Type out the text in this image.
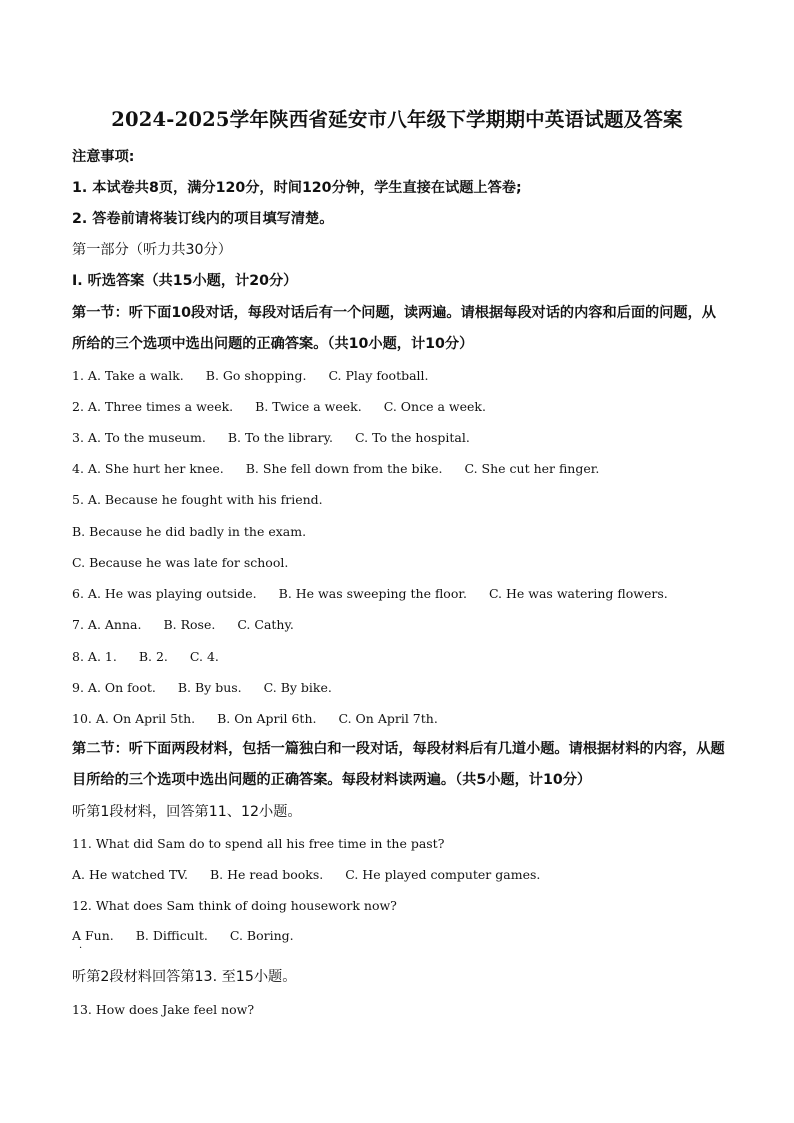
2024-2025学年陕西省延安市八年级下学期期中英语试题及答案
注意事项:
1. 本试卷共8页，满分120分，时间120分钟，学生直接在试题上答卷;
2. 答卷前请将装订线内的项目填写清楚。
第一部分（听力共30分）
I. 听选答案（共15小题，计20分）
第一节：听下面10段对话，每段对话后有一个问题，读两遍。请根据每段对话的内容和后面的问题，从
所给的三个选项中选出问题的正确答案。（共10小题，计10分）
1. A. Take a walk. B. Go shopping. C. Play football.
2. A. Three times a week. B. Twice a week. C. Once a week.
3. A. To the museum. B. To the library. C. To the hospital.
4. A. She hurt her knee. B. She fell down from the bike. C. She cut her finger.
5. A. Because he fought with his friend.
B. Because he did badly in the exam.
C. Because he was late for school.
6. A. He was playing outside. B. He was sweeping the floor. C. He was watering flowers.
7. A. Anna. B. Rose. C. Cathy.
8. A. 1. B. 2. C. 4.
9. A. On foot. B. By bus. C. By bike.
10. A. On April 5th. B. On April 6th. C. On April 7th.
第二节：听下面两段材料，包括一篇独白和一段对话，每段材料后有几道小题。请根据材料的内容，从题
目所给的三个选项中选出问题的正确答案。每段材料读两遍。（共5小题，计10分）
听第1段材料，回答第11、12小题。
11. What did Sam do to spend all his free time in the past?
A. He watched TV. B. He read books. C. He played computer games.
12. What does Sam think of doing housework now?
A Fun. B. Difficult. C. Boring.
·
听第2段材料回答第13. 至15小题。
13. How does Jake feel now?
